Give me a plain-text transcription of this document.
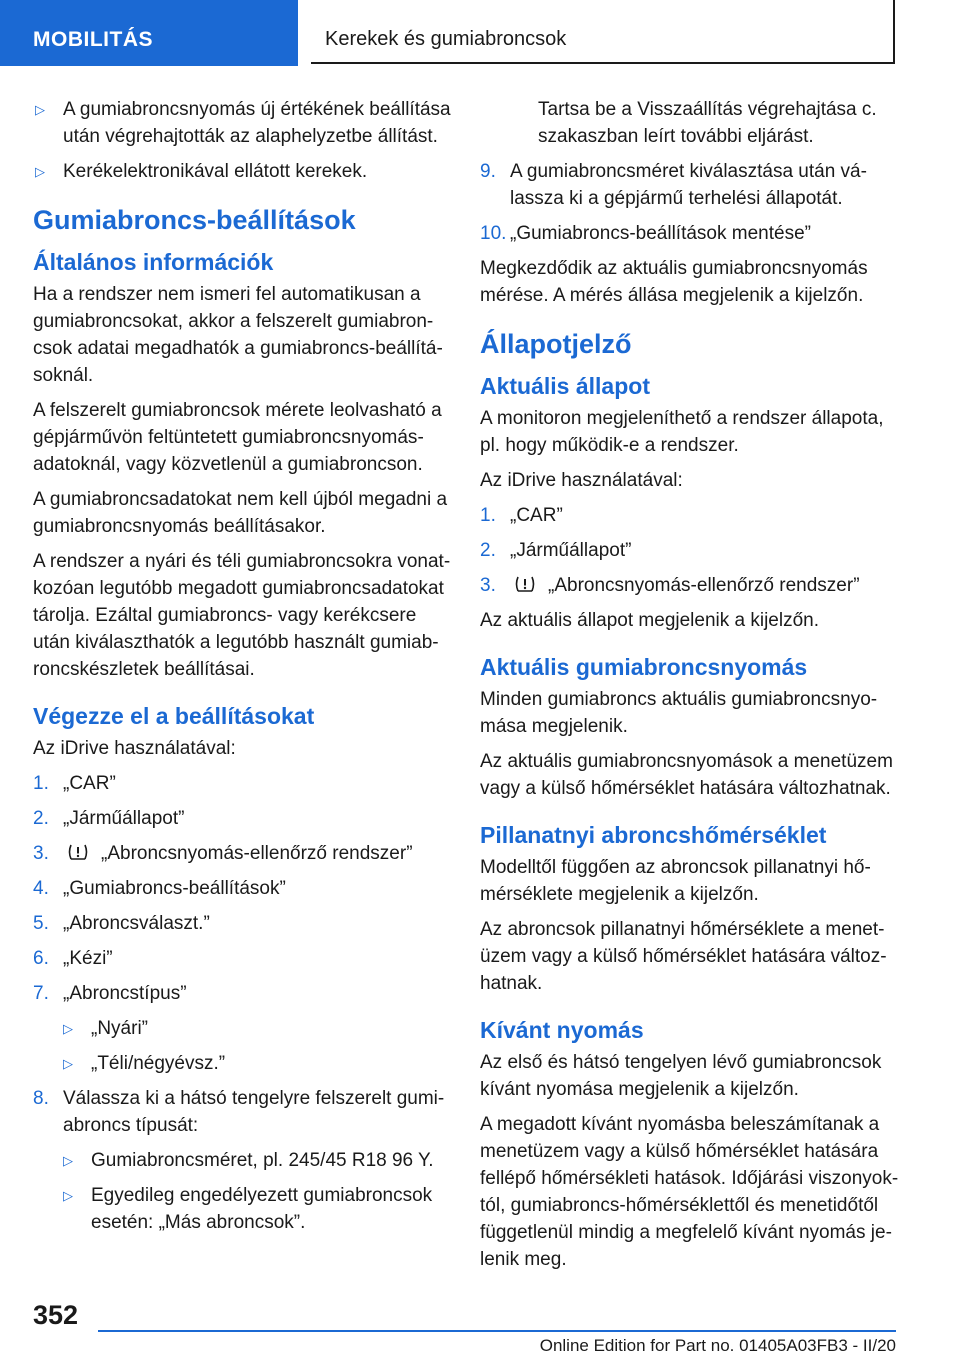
MOBILITÁS	Kerekek és gumiabroncsok
▷ A gumiabroncsnyomás új értékének beállítása után végrehajtották az alaphelyzetbe állítást.
▷ Kerékelektronikával ellátott kerekek.
Gumiabroncs-beállítások
Általános információk

Ha a rendszer nem ismeri fel automatikusan a gumiabroncsokat, akkor a felszerelt gumiabroncsok adatai megadhatók a gumiabroncs-beállításoknál.

A felszerelt gumiabroncsok mérete leolvasható a gépjárművön feltüntetett gumiabroncsnyomásadatoknál, vagy közvetlenül a gumiabroncson.

A gumiabroncsadatokat nem kell újból megadni a gumiabroncsnyomás beállításakor.

A rendszer a nyári és téli gumiabroncsokra vonatkozóan legutóbb megadott gumiabroncsadatokat tárolja. Ezáltal gumiabroncs- vagy kerékcsere után kiválaszthatók a legutóbb használt gumiabroncskészletek beállításai.

Végezze el a beállításokat

Az iDrive használatával:

1. „CAR”
2. „Járműállapot”
3.	„Abroncsnyomás-ellenőrző rendszer”
4. „Gumiabroncs-beállítások”
5. „Abroncsválaszt.”
6. „Kézi”
7. „Abroncstípus”
▷ „Nyári”
▷ „Téli/négyévsz.”
8. Válassza ki a hátsó tengelyre felszerelt gumiabroncs típusát:
▷ Gumiabroncsméret, pl. 245/45 R18 96 Y.
▷ Egyedileg engedélyezett gumiabroncsok esetén: „Más abroncsok”.

Tartsa be a Visszaállítás végrehajtása c. szakaszban leírt további eljárást.

9. A gumiabroncsméret kiválasztása után válassza ki a gépjármű terhelési állapotát.
10. „Gumiabroncs-beállítások mentése”

Megkezdődik az aktuális gumiabroncsnyomás mérése. A mérés állása megjelenik a kijelzőn.

Állapotjelző
Aktuális állapot

A monitoron megjeleníthető a rendszer állapota, pl. hogy működik-e a rendszer.

Az iDrive használatával:

1. „CAR”
2. „Járműállapot”
3.	„Abroncsnyomás-ellenőrző rendszer”

Az aktuális állapot megjelenik a kijelzőn.

Aktuális gumiabroncsnyomás

Minden gumiabroncs aktuális gumiabroncsnyomása megjelenik.

Az aktuális gumiabroncsnyomások a menetüzem vagy a külső hőmérséklet hatására változhatnak.

Pillanatnyi abroncshőmérséklet

Modelltől függően az abroncsok pillanatnyi hőmérséklete megjelenik a kijelzőn.

Az abroncsok pillanatnyi hőmérséklete a menetüzem vagy a külső hőmérséklet hatására változhatnak.

Kívánt nyomás

Az első és hátsó tengelyen lévő gumiabroncsok kívánt nyomása megjelenik a kijelzőn.

A megadott kívánt nyomásba beleszámítanak a menetüzem vagy a külső hőmérséklet hatására fellépő hőmérsékleti hatások. Időjárási viszonyoktól, gumiabroncs-hőmérséklettől és menetidőtől függetlenül mindig a megfelelő kívánt nyomás jelenik meg.

352
Online Edition for Part no. 01405A03FB3 - II/20
